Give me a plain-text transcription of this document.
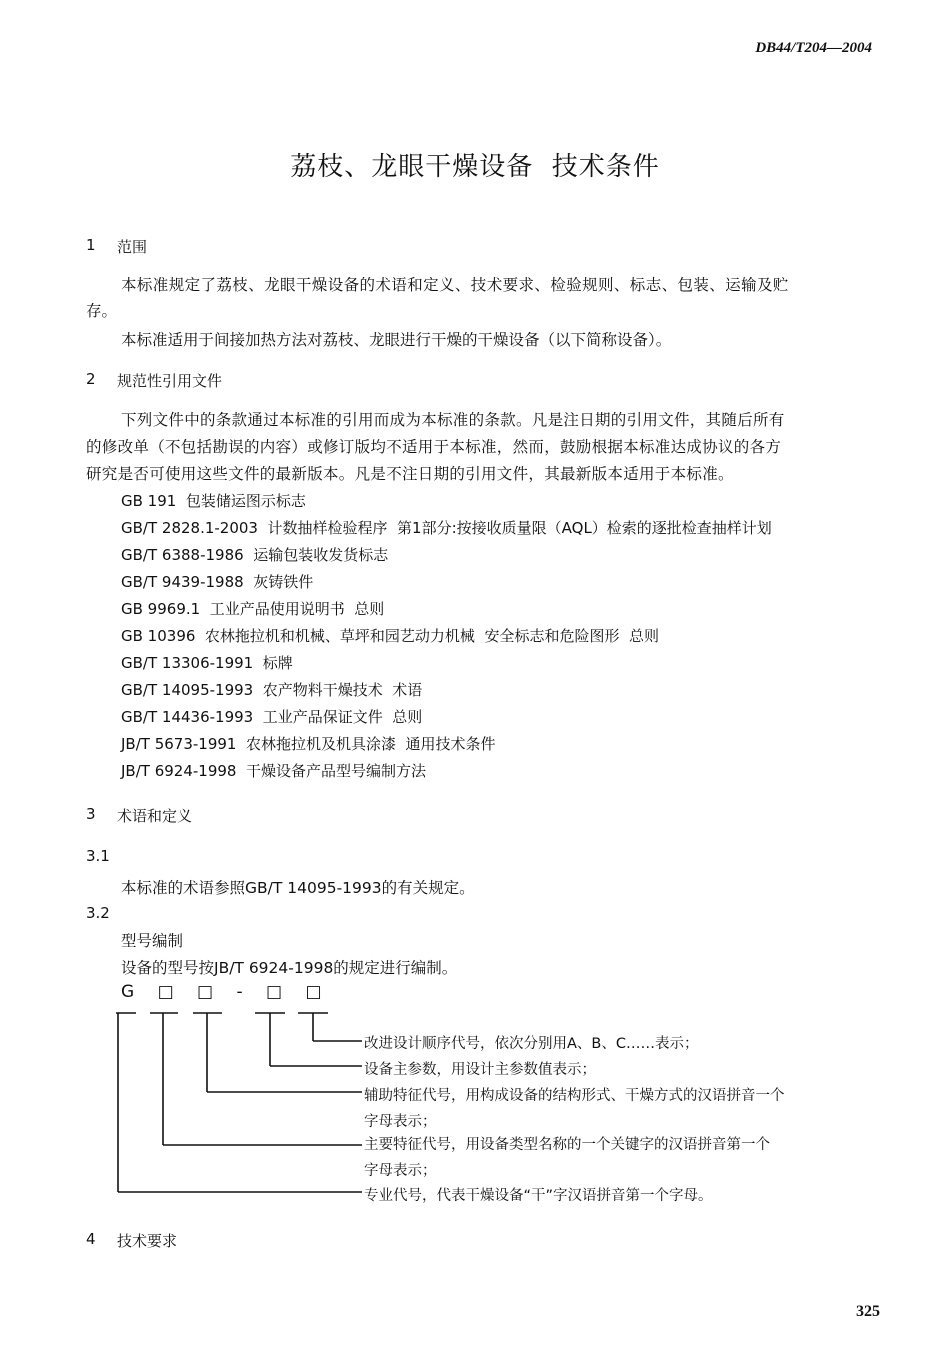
DB44/T204—2004
荔枝、龙眼干燥设备  技术条件
1 范围
本标准规定了荔枝、龙眼干燥设备的术语和定义、技术要求、检验规则、标志、包装、运输及贮
存。
本标准适用于间接加热方法对荔枝、龙眼进行干燥的干燥设备（以下简称设备）。
2 规范性引用文件
下列文件中的条款通过本标准的引用而成为本标准的条款。凡是注日期的引用文件，其随后所有
的修改单（不包括勘误的内容）或修订版均不适用于本标准，然而，鼓励根据本标准达成协议的各方
研究是否可使用这些文件的最新版本。凡是不注日期的引用文件，其最新版本适用于本标准。
GB 191  包装储运图示标志
GB/T 2828.1-2003  计数抽样检验程序  第1部分:按接收质量限（AQL）检索的逐批检查抽样计划
GB/T 6388-1986  运输包装收发货标志
GB/T 9439-1988  灰铸铁件
GB 9969.1  工业产品使用说明书  总则
GB 10396  农林拖拉机和机械、草坪和园艺动力机械  安全标志和危险图形  总则
GB/T 13306-1991  标牌
GB/T 14095-1993  农产物料干燥技术  术语
GB/T 14436-1993  工业产品保证文件  总则
JB/T 5673-1991  农林拖拉机及机具涂漆  通用技术条件
JB/T 6924-1998  干燥设备产品型号编制方法
3 术语和定义
3.1
本标准的术语参照GB/T 14095-1993的有关规定。
3.2
型号编制
设备的型号按JB/T 6924-1998的规定进行编制。
G □ □ - □ □
改进设计顺序代号，依次分别用A、B、C……表示；
设备主参数，用设计主参数值表示；
辅助特征代号，用构成设备的结构形式、干燥方式的汉语拼音一个
字母表示；
主要特征代号，用设备类型名称的一个关键字的汉语拼音第一个
字母表示；
专业代号，代表干燥设备“干”字汉语拼音第一个字母。
4 技术要求
325
